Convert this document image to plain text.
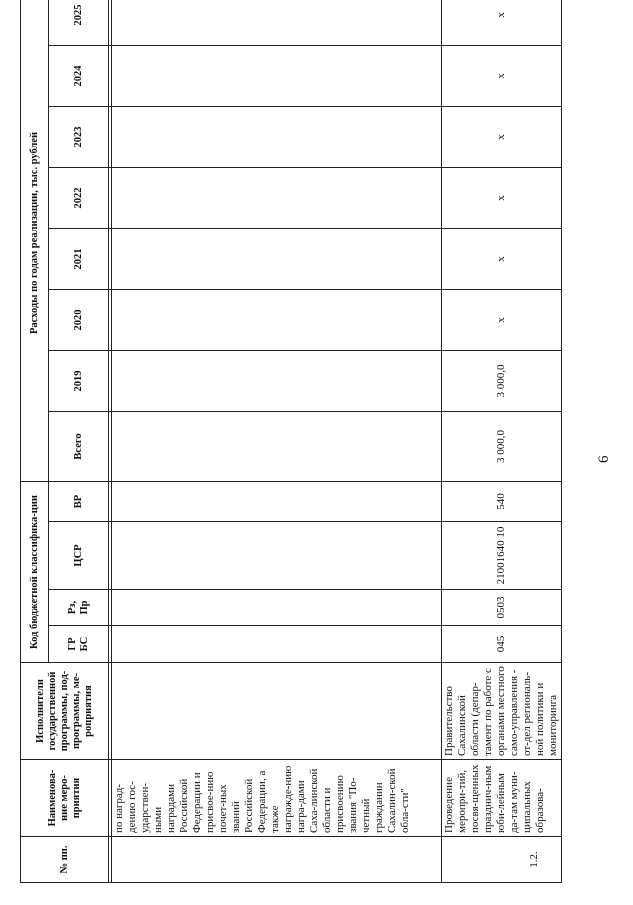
№ пп.	Наименова-ние меро-приятия	Исполнители государственной программы, под-программы, ме-роприятия	Код бюджетной классифика-ции				Расходы по годам реализации, тыс. рублей							
			ГР БС	Рз, Пр	ЦСР	ВР	Всего	2019	2020	2021	2022	2023	2024	2025

	по наград-дению гос-ударствен-ными наградами Российской Федерации и присвое-нию почет-ных званий Российской Федерации, а также награжде-нию награ-дами Саха-линской области и присвоению звания "По-четный гражданин Сахалин-ской обла-сти"													

1.2.	Проведение меропри-тий, посвя-щенных празднич-ным юби-лейным да-там муни-ципальных образова-	Правительство Сахалинской области (депар-тамент по работе с органами местного само-управления - от-дел региональ-ной политики и мониторинга	045	0503	21001640 10	540	3 000,0	3 000,0	х	х	х	х	х	х
6
